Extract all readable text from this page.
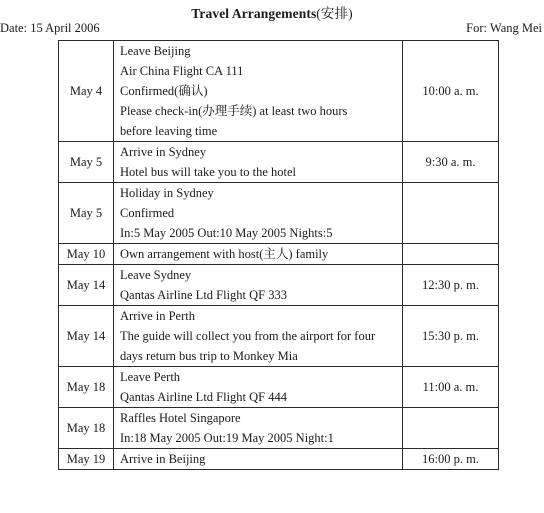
Travel Arrangements(安排)
Date: 15 April 2006	For: Wang Mei
May 4	Leave Beijing
Air China Flight CA 111
Confirmed(确认)
Please check-in(办理手续) at least two hours
before leaving time	10:00 a. m.
May 5	Arrive in Sydney
Hotel bus will take you to the hotel	9:30 a. m.
May 5	Holiday in Sydney
Confirmed
In:5 May 2005 Out:10 May 2005 Nights:5	

May 10	Own arrangement with host(主人) family	

May 14	Leave Sydney
Qantas Airline Ltd Flight QF 333	12:30 p. m.
May 14	Arrive in Perth
The guide will collect you from the airport for four
days return bus trip to Monkey Mia	15:30 p. m.
May 18	Leave Perth
Qantas Airline Ltd Flight QF 444	11:00 a. m.
May 18	Raffles Hotel Singapore
In:18 May 2005 Out:19 May 2005 Night:1	

May 19	Arrive in Beijing	16:00 p. m.
